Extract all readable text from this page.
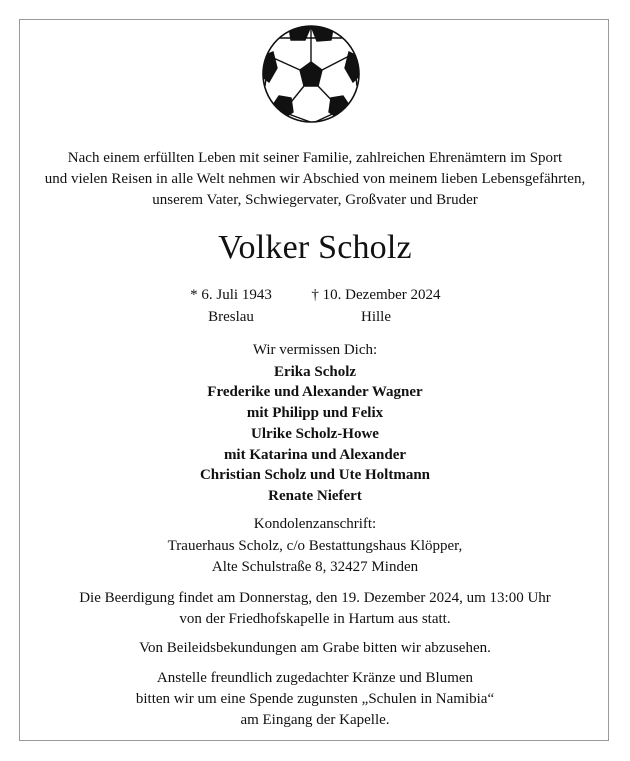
Nach einem erfüllten Leben mit seiner Familie, zahlreichen Ehrenämtern im Sport
und vielen Reisen in alle Welt nehmen wir Abschied von meinem lieben Lebensgefährten,
unserem Vater, Schwiegervater, Großvater und Bruder
Volker Scholz
* 6. Juli 1943
Breslau
† 10. Dezember 2024
Hille
Wir vermissen Dich:
Erika Scholz
Frederike und Alexander Wagner
mit Philipp und Felix
Ulrike Scholz-Howe
mit Katarina und Alexander
Christian Scholz und Ute Holtmann
Renate Niefert
Kondolenzanschrift:
Trauerhaus Scholz, c/o Bestattungshaus Klöpper,
Alte Schulstraße 8, 32427 Minden
Die Beerdigung findet am Donnerstag, den 19. Dezember 2024, um 13:00 Uhr
von der Friedhofskapelle in Hartum aus statt.
Von Beileidsbekundungen am Grabe bitten wir abzusehen.
Anstelle freundlich zugedachter Kränze und Blumen
bitten wir um eine Spende zugunsten „Schulen in Namibia“
am Eingang der Kapelle.
